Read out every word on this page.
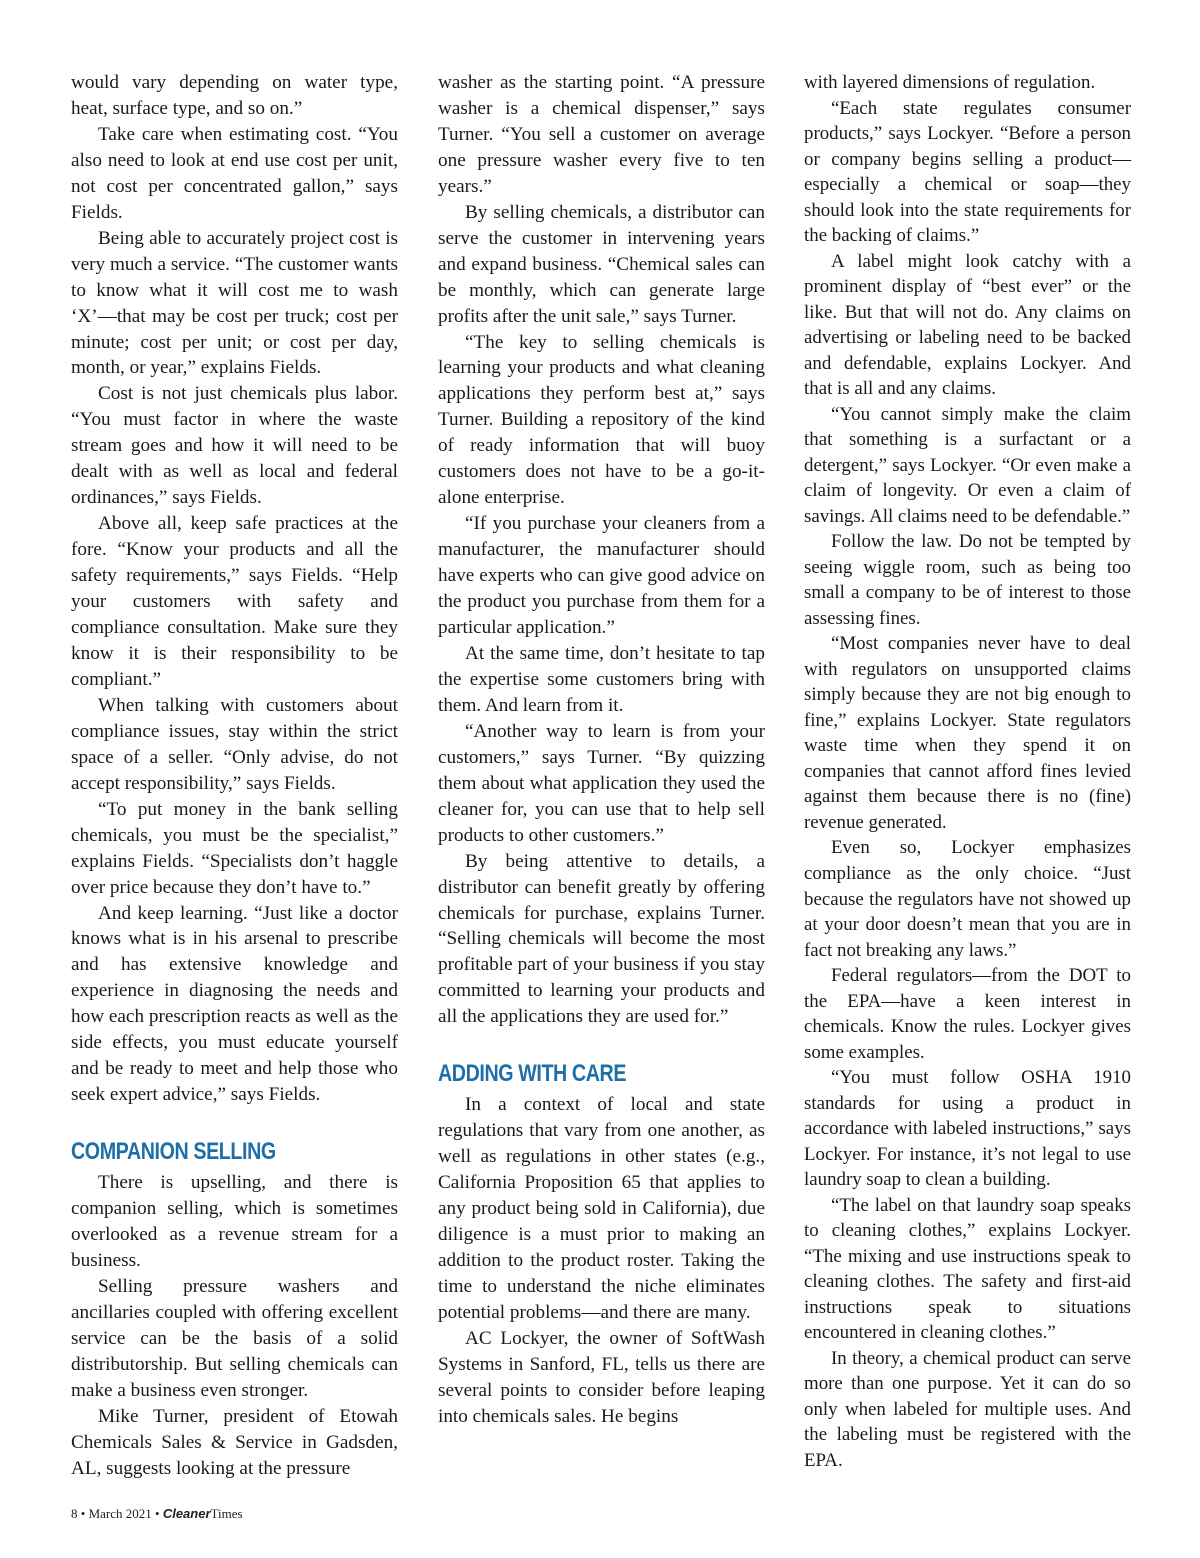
would vary depending on water type, heat, surface type, and so on.”

Take care when estimating cost. “You also need to look at end use cost per unit, not cost per concentrated gallon,” says Fields.

Being able to accurately project cost is very much a service. “The customer wants to know what it will cost me to wash ‘X’—that may be cost per truck; cost per minute; cost per unit; or cost per day, month, or year,” explains Fields.

Cost is not just chemicals plus labor. “You must factor in where the waste stream goes and how it will need to be dealt with as well as local and federal ordinances,” says Fields.

Above all, keep safe practices at the fore. “Know your products and all the safety requirements,” says Fields. “Help your customers with safety and compliance consultation. Make sure they know it is their responsibility to be compliant.”

When talking with customers about compliance issues, stay within the strict space of a seller. “Only advise, do not accept responsibility,” says Fields.

“To put money in the bank selling chemicals, you must be the specialist,” explains Fields. “Specialists don’t haggle over price because they don’t have to.”

And keep learning. “Just like a doctor knows what is in his arsenal to prescribe and has extensive knowledge and experience in diagnosing the needs and how each prescription reacts as well as the side effects, you must educate yourself and be ready to meet and help those who seek expert advice,” says Fields.

COMPANION SELLING

There is upselling, and there is companion selling, which is sometimes overlooked as a revenue stream for a business.

Selling pressure washers and ancillaries coupled with offering excellent service can be the basis of a solid distributorship. But selling chemicals can make a business even stronger.

Mike Turner, president of Etowah Chemicals Sales & Service in Gadsden, AL, suggests looking at the pressure

washer as the starting point. “A pressure washer is a chemical dispenser,” says Turner. “You sell a customer on average one pressure washer every five to ten years.”

By selling chemicals, a distributor can serve the customer in intervening years and expand business. “Chemical sales can be monthly, which can generate large profits after the unit sale,” says Turner.

“The key to selling chemicals is learning your products and what cleaning applications they perform best at,” says Turner. Building a repository of the kind of ready information that will buoy customers does not have to be a go-it-alone enterprise.

“If you purchase your cleaners from a manufacturer, the manufacturer should have experts who can give good advice on the product you purchase from them for a particular application.”

At the same time, don’t hesitate to tap the expertise some customers bring with them. And learn from it.

“Another way to learn is from your customers,” says Turner. “By quizzing them about what application they used the cleaner for, you can use that to help sell products to other customers.”

By being attentive to details, a distributor can benefit greatly by offering chemicals for purchase, explains Turner. “Selling chemicals will become the most profitable part of your business if you stay committed to learning your products and all the applications they are used for.”

ADDING WITH CARE

In a context of local and state regulations that vary from one another, as well as regulations in other states (e.g., California Proposition 65 that applies to any product being sold in California), due diligence is a must prior to making an addition to the product roster. Taking the time to understand the niche eliminates potential problems—and there are many.

AC Lockyer, the owner of SoftWash Systems in Sanford, FL, tells us there are several points to consider before leaping into chemicals sales. He begins

with layered dimensions of regulation.

“Each state regulates consumer products,” says Lockyer. “Before a person or company begins selling a product—especially a chemical or soap—they should look into the state requirements for the backing of claims.”

A label might look catchy with a prominent display of “best ever” or the like. But that will not do. Any claims on advertising or labeling need to be backed and defendable, explains Lockyer. And that is all and any claims.

“You cannot simply make the claim that something is a surfactant or a detergent,” says Lockyer. “Or even make a claim of longevity. Or even a claim of savings. All claims need to be defendable.”

Follow the law. Do not be tempted by seeing wiggle room, such as being too small a company to be of interest to those assessing fines.

“Most companies never have to deal with regulators on unsupported claims simply because they are not big enough to fine,” explains Lockyer. State regulators waste time when they spend it on companies that cannot afford fines levied against them because there is no (fine) revenue generated.

Even so, Lockyer emphasizes compliance as the only choice. “Just because the regulators have not showed up at your door doesn’t mean that you are in fact not breaking any laws.”

Federal regulators—from the DOT to the EPA—have a keen interest in chemicals. Know the rules. Lockyer gives some examples.

“You must follow OSHA 1910 standards for using a product in accordance with labeled instructions,” says Lockyer. For instance, it’s not legal to use laundry soap to clean a building.

“The label on that laundry soap speaks to cleaning clothes,” explains Lockyer. “The mixing and use instructions speak to cleaning clothes. The safety and first-aid instructions speak to situations encountered in cleaning clothes.”

In theory, a chemical product can serve more than one purpose. Yet it can do so only when labeled for multiple uses. And the labeling must be registered with the EPA.

8 • March 2021 • CleanerTimes
